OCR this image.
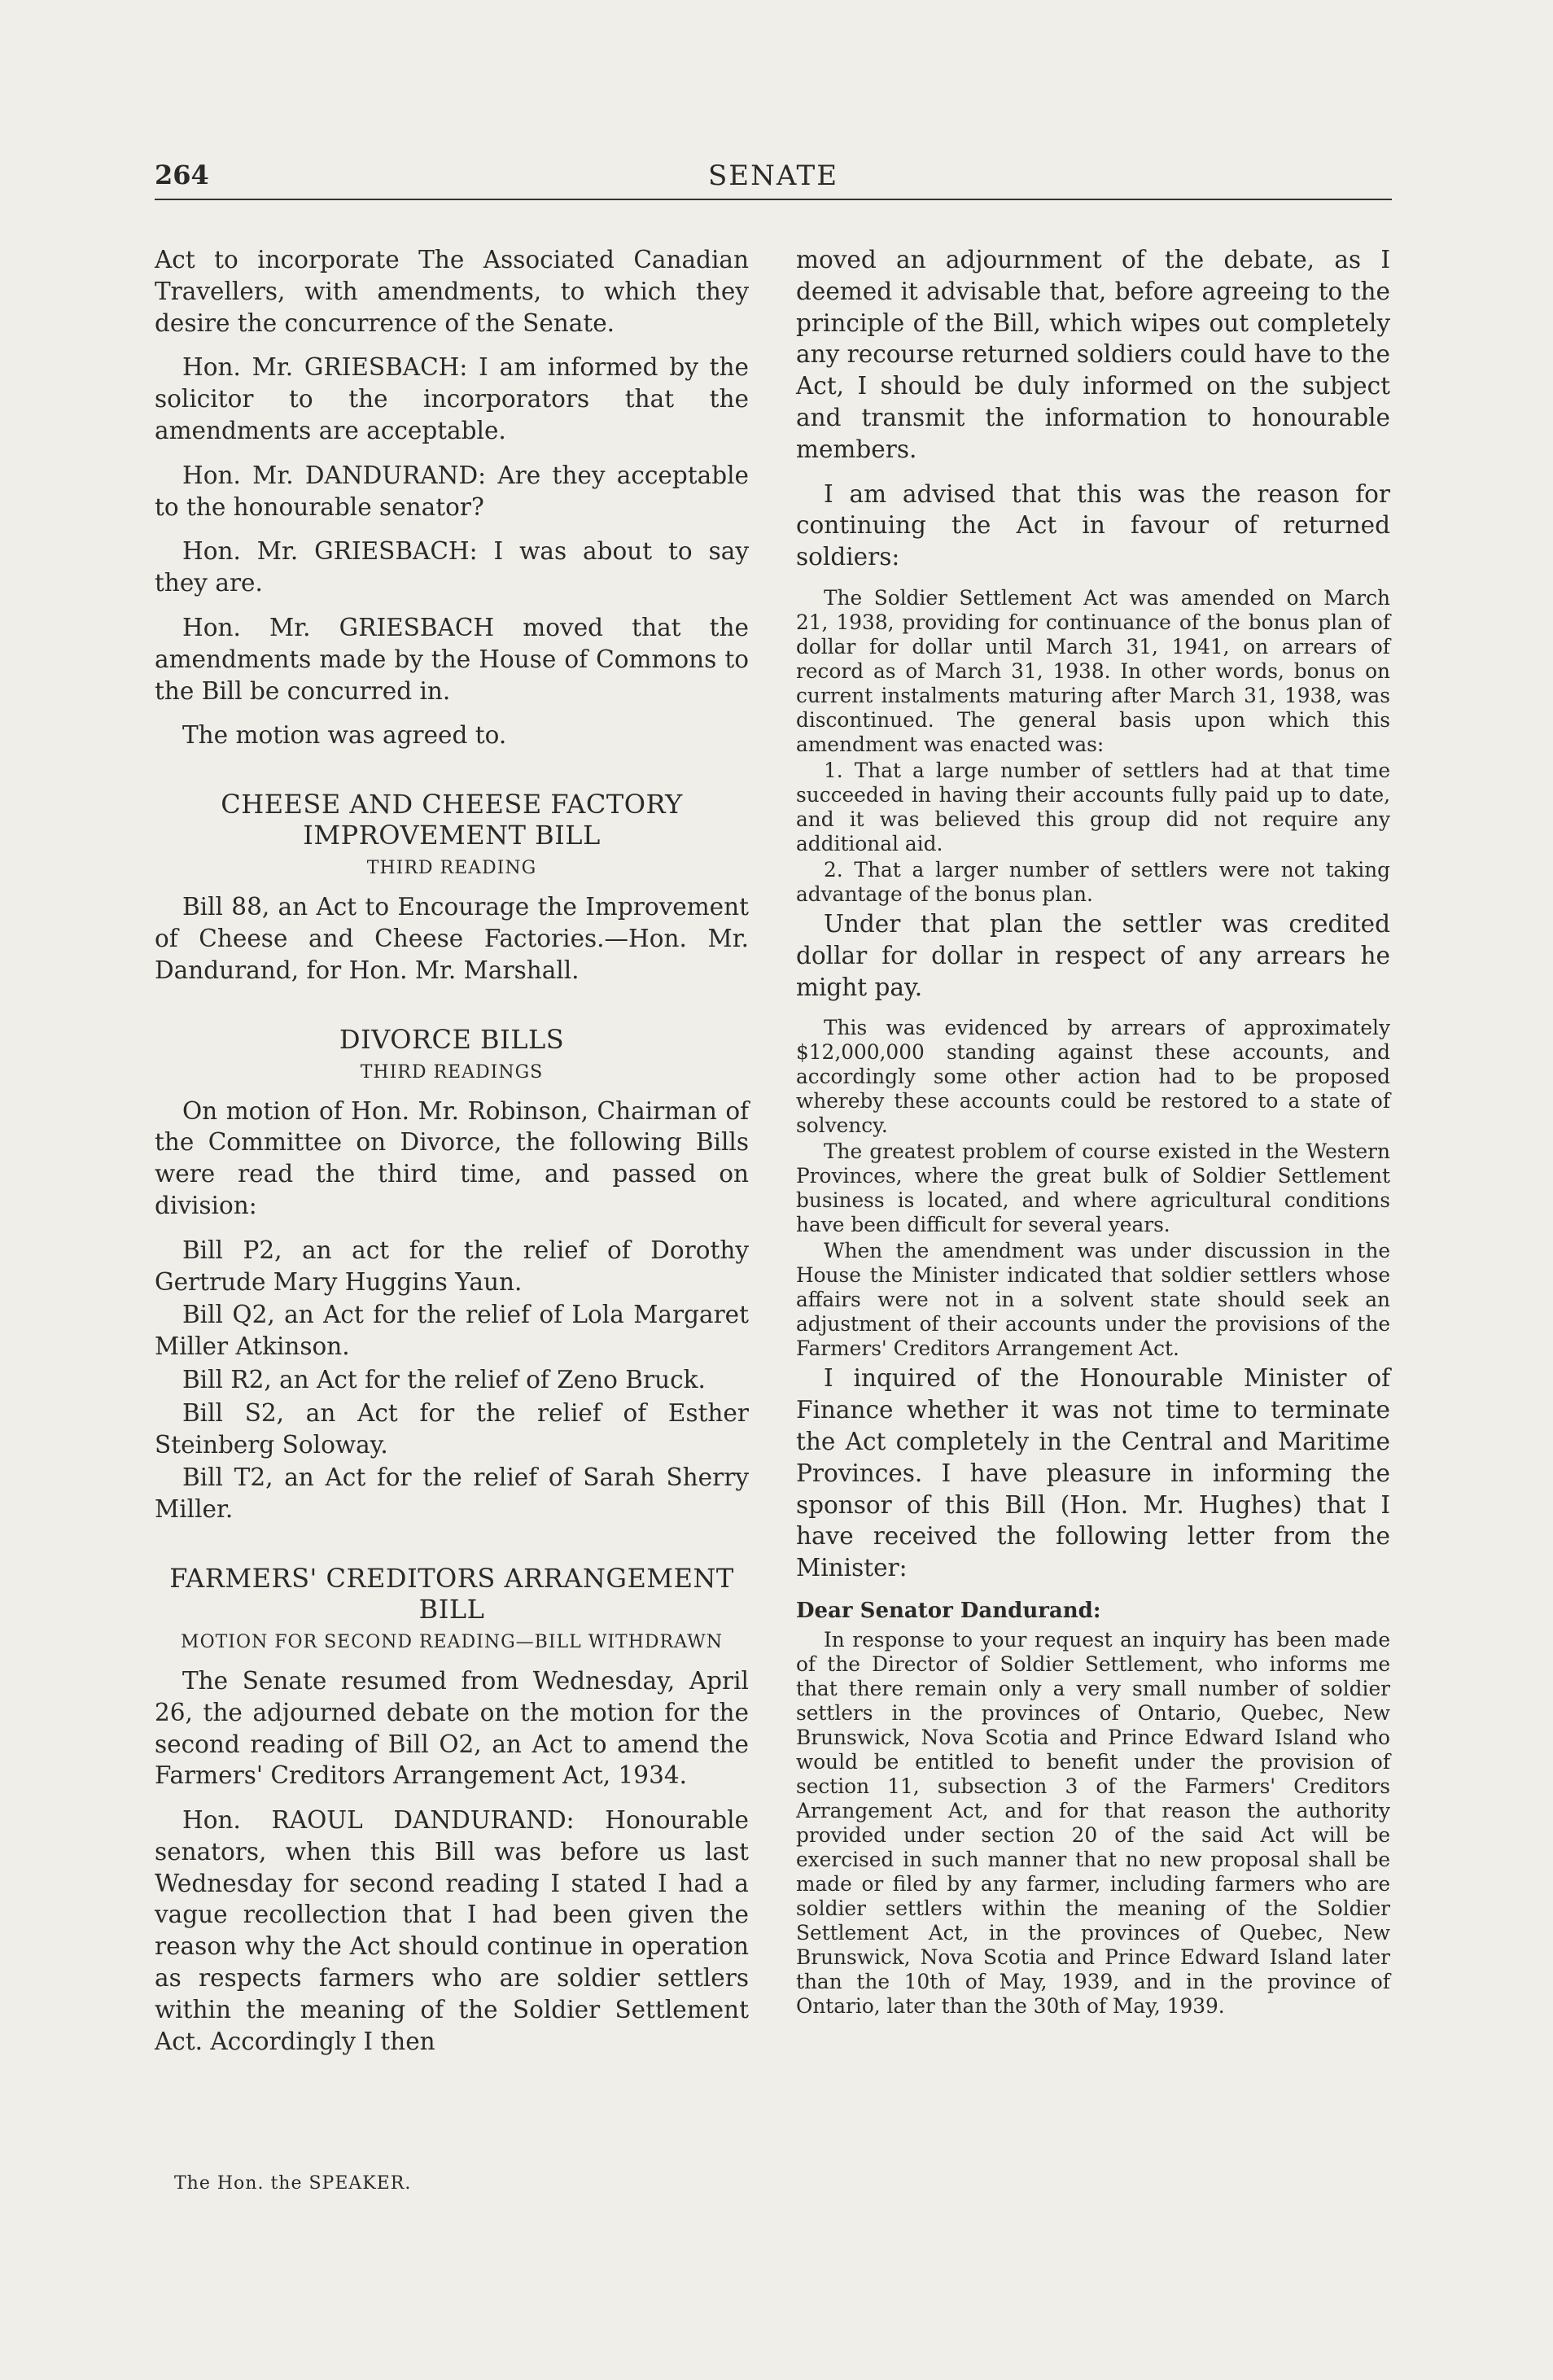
264	SENATE

Act to incorporate The Associated Canadian Travellers, with amendments, to which they desire the concurrence of the Senate.

Hon. Mr. GRIESBACH: I am informed by the solicitor to the incorporators that the amendments are acceptable.

Hon. Mr. DANDURAND: Are they acceptable to the honourable senator?

Hon. Mr. GRIESBACH: I was about to say they are.

Hon. Mr. GRIESBACH moved that the amendments made by the House of Commons to the Bill be concurred in.

The motion was agreed to.

CHEESE AND CHEESE FACTORY IMPROVEMENT BILL

THIRD READING

Bill 88, an Act to Encourage the Improvement of Cheese and Cheese Factories.—Hon. Mr. Dandurand, for Hon. Mr. Marshall.

DIVORCE BILLS

THIRD READINGS

On motion of Hon. Mr. Robinson, Chairman of the Committee on Divorce, the following Bills were read the third time, and passed on division:

Bill P2, an act for the relief of Dorothy Gertrude Mary Huggins Yaun.

Bill Q2, an Act for the relief of Lola Margaret Miller Atkinson.

Bill R2, an Act for the relief of Zeno Bruck.

Bill S2, an Act for the relief of Esther Steinberg Soloway.

Bill T2, an Act for the relief of Sarah Sherry Miller.

FARMERS' CREDITORS ARRANGEMENT BILL

MOTION FOR SECOND READING—BILL WITHDRAWN

The Senate resumed from Wednesday, April 26, the adjourned debate on the motion for the second reading of Bill O2, an Act to amend the Farmers' Creditors Arrangement Act, 1934.

Hon. RAOUL DANDURAND: Honourable senators, when this Bill was before us last Wednesday for second reading I stated I had a vague recollection that I had been given the reason why the Act should continue in operation as respects farmers who are soldier settlers within the meaning of the Soldier Settlement Act. Accordingly I then

moved an adjournment of the debate, as I deemed it advisable that, before agreeing to the principle of the Bill, which wipes out completely any recourse returned soldiers could have to the Act, I should be duly informed on the subject and transmit the information to honourable members.

I am advised that this was the reason for continuing the Act in favour of returned soldiers:

The Soldier Settlement Act was amended on March 21, 1938, providing for continuance of the bonus plan of dollar for dollar until March 31, 1941, on arrears of record as of March 31, 1938. In other words, bonus on current instalments maturing after March 31, 1938, was discontinued. The general basis upon which this amendment was enacted was:

1. That a large number of settlers had at that time succeeded in having their accounts fully paid up to date, and it was believed this group did not require any additional aid.

2. That a larger number of settlers were not taking advantage of the bonus plan.

Under that plan the settler was credited dollar for dollar in respect of any arrears he might pay.

This was evidenced by arrears of approximately $12,000,000 standing against these accounts, and accordingly some other action had to be proposed whereby these accounts could be restored to a state of solvency.

The greatest problem of course existed in the Western Provinces, where the great bulk of Soldier Settlement business is located, and where agricultural conditions have been difficult for several years.

When the amendment was under discussion in the House the Minister indicated that soldier settlers whose affairs were not in a solvent state should seek an adjustment of their accounts under the provisions of the Farmers' Creditors Arrangement Act.

I inquired of the Honourable Minister of Finance whether it was not time to terminate the Act completely in the Central and Maritime Provinces. I have pleasure in informing the sponsor of this Bill (Hon. Mr. Hughes) that I have received the following letter from the Minister:

Dear Senator Dandurand:

In response to your request an inquiry has been made of the Director of Soldier Settlement, who informs me that there remain only a very small number of soldier settlers in the provinces of Ontario, Quebec, New Brunswick, Nova Scotia and Prince Edward Island who would be entitled to benefit under the provision of section 11, subsection 3 of the Farmers' Creditors Arrangement Act, and for that reason the authority provided under section 20 of the said Act will be exercised in such manner that no new proposal shall be made or filed by any farmer, including farmers who are soldier settlers within the meaning of the Soldier Settlement Act, in the provinces of Quebec, New Brunswick, Nova Scotia and Prince Edward Island later than the 10th of May, 1939, and in the province of Ontario, later than the 30th of May, 1939.

The Hon. the SPEAKER.
